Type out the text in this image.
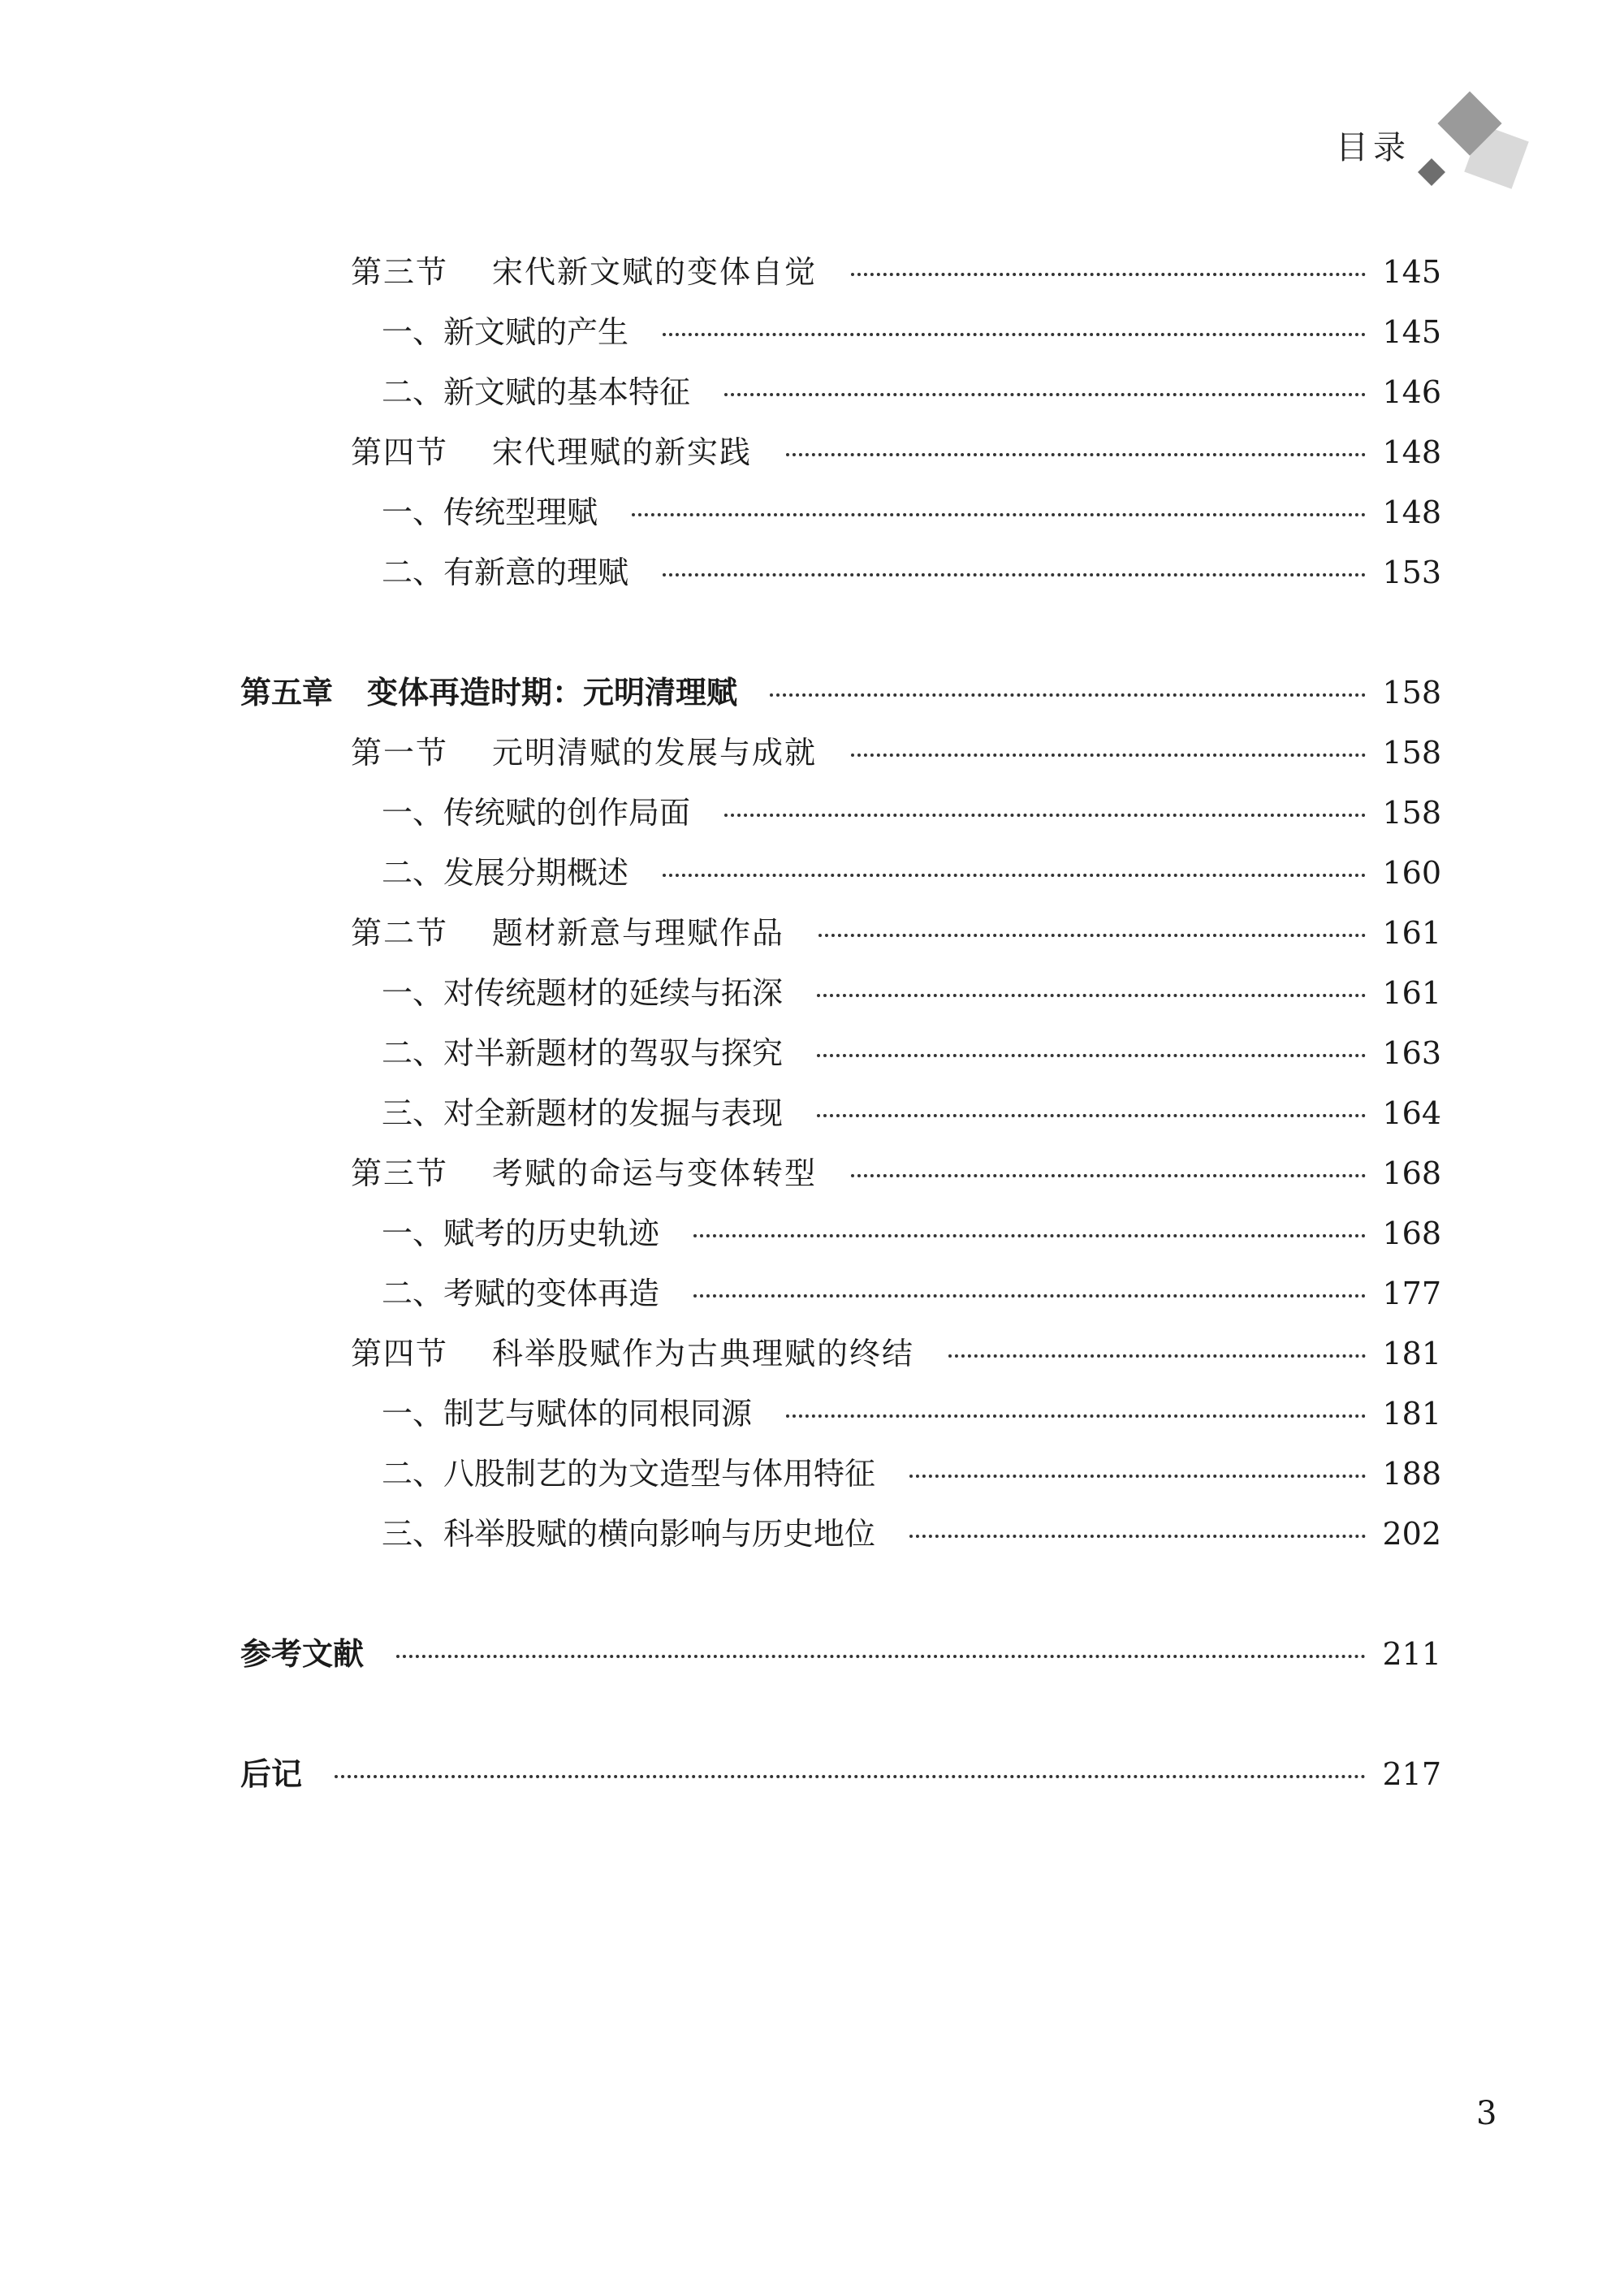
目录
第三节 宋代新文赋的变体自觉	145
一、新文赋的产生	145
二、新文赋的基本特征	146
第四节 宋代理赋的新实践	148
一、传统型理赋	148
二、有新意的理赋	153
第五章 变体再造时期：元明清理赋	158
第一节 元明清赋的发展与成就	158
一、传统赋的创作局面	158
二、发展分期概述	160
第二节 题材新意与理赋作品	161
一、对传统题材的延续与拓深	161
二、对半新题材的驾驭与探究	163
三、对全新题材的发掘与表现	164
第三节 考赋的命运与变体转型	168
一、赋考的历史轨迹	168
二、考赋的变体再造	177
第四节 科举股赋作为古典理赋的终结	181
一、制艺与赋体的同根同源	181
二、八股制艺的为文造型与体用特征	188
三、科举股赋的横向影响与历史地位	202
参考文献	211
后记	217
3
